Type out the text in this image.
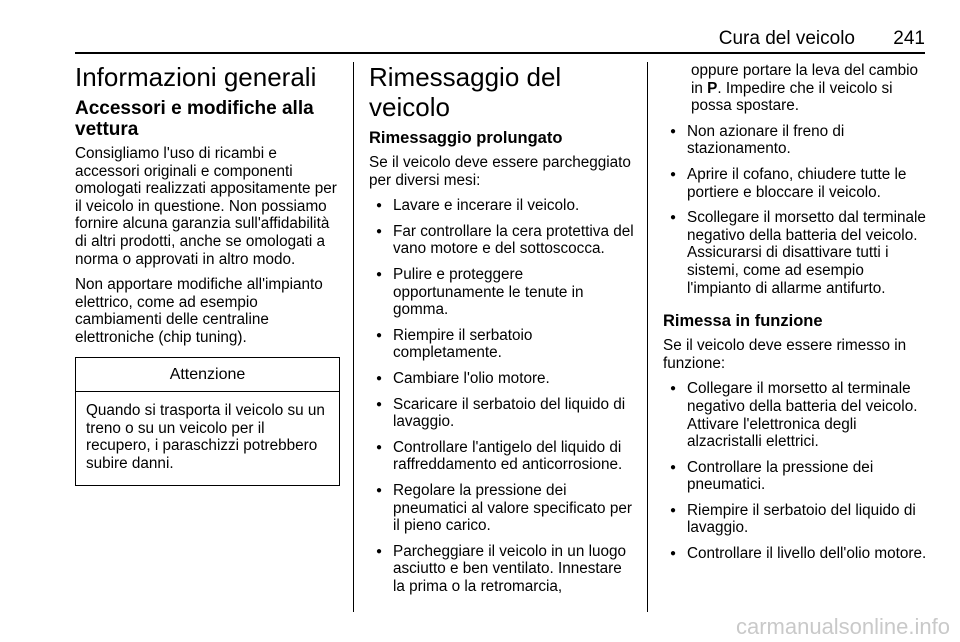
Cura del veicolo 241
Informazioni generali
Accessori e modifiche alla vettura

Consigliamo l'uso di ricambi e accessori originali e componenti omologati realizzati appositamente per il veicolo in questione. Non possiamo fornire alcuna garanzia sull'affidabilità di altri prodotti, anche se omologati a norma o approvati in altro modo.

Non apportare modifiche all'impianto elettrico, come ad esempio cambiamenti delle centraline elettroniche (chip tuning).

Attenzione
Quando si trasporta il veicolo su un treno o su un veicolo per il recupero, i paraschizzi potrebbero subire danni.
Rimessaggio del veicolo
Rimessaggio prolungato

Se il veicolo deve essere parcheggiato per diversi mesi:

● Lavare e incerare il veicolo.
● Far controllare la cera protettiva del vano motore e del sottoscocca.
● Pulire e proteggere opportunamente le tenute in gomma.
● Riempire il serbatoio completamente.
● Cambiare l'olio motore.
● Scaricare il serbatoio del liquido di lavaggio.
● Controllare l'antigelo del liquido di raffreddamento ed anticorrosione.
● Regolare la pressione dei pneumatici al valore specificato per il pieno carico.
● Parcheggiare il veicolo in un luogo asciutto e ben ventilato. Innestare la prima o la retromarcia,

oppure portare la leva del cambio in P. Impedire che il veicolo si possa spostare.

● Non azionare il freno di stazionamento.
● Aprire il cofano, chiudere tutte le portiere e bloccare il veicolo.
● Scollegare il morsetto dal terminale negativo della batteria del veicolo. Assicurarsi di disattivare tutti i sistemi, come ad esempio l'impianto di allarme antifurto.
Rimessa in funzione

Se il veicolo deve essere rimesso in funzione:

● Collegare il morsetto al terminale negativo della batteria del veicolo. Attivare l'elettronica degli alzacristalli elettrici.
● Controllare la pressione dei pneumatici.
● Riempire il serbatoio del liquido di lavaggio.
● Controllare il livello dell'olio motore.
carmanualsonline.info
